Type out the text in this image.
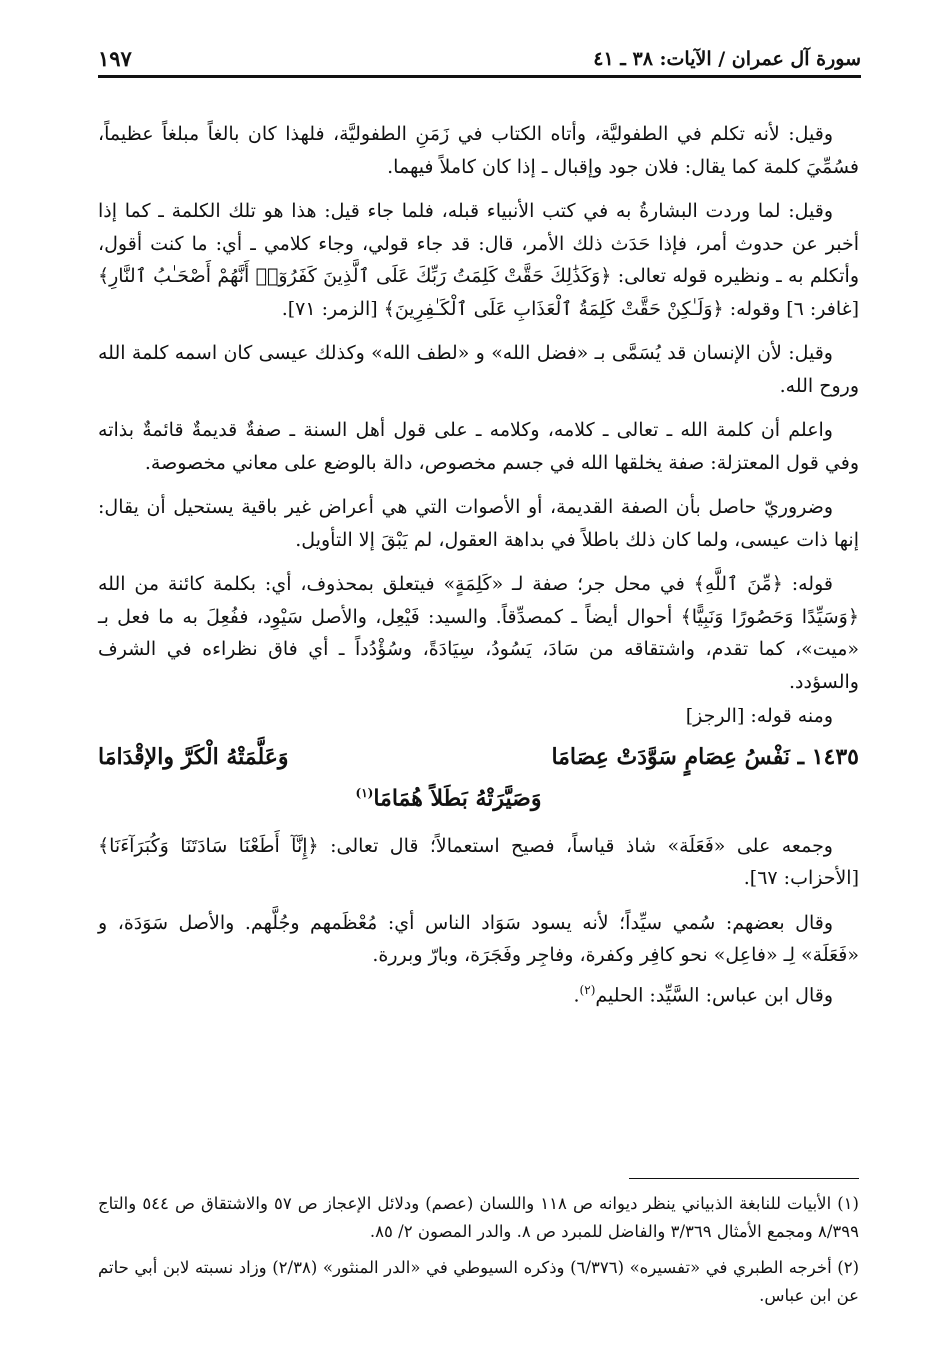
سورة آل عمران / الآيات: ٣٨ ـ ٤١
١٩٧

وقيل: لأنه تكلم في الطفوليَّة، وأتاه الكتاب في زَمَنِ الطفوليَّة، فلهذا كان بالغاً مبلغاً عظيماً، فسُمِّيَ كلمة كما يقال: فلان جود وإقبال ـ إذا كان كاملاً فيهما.

وقيل: لما وردت البشارةُ به في كتب الأنبياء قبله، فلما جاء قيل: هذا هو تلك الكلمة ـ كما إذا أخبر عن حدوث أمر، فإذا حَدَث ذلك الأمر، قال: قد جاء قولي، وجاء كلامي ـ أي: ما كنت أقول، وأتكلم به ـ ونظيره قوله تعالى: ﴿وَكَذَٰلِكَ حَقَّتْ كَلِمَتُ رَبِّكَ عَلَى ٱلَّذِينَ كَفَرُوٓا۟ أَنَّهُمْ أَصْحَـٰبُ ٱلنَّارِ﴾ [غافر: ٦] وقوله: ﴿وَلَـٰكِنْ حَقَّتْ كَلِمَةُ ٱلْعَذَابِ عَلَى ٱلْكَـٰفِرِينَ﴾ [الزمر: ٧١].

وقيل: لأن الإنسان قد يُسَمَّى بـ «فضل الله» و «لطف الله» وكذلك عيسى كان اسمه كلمة الله وروح الله.

واعلم أن كلمة الله ـ تعالى ـ كلامه، وكلامه ـ على قول أهل السنة ـ صفةٌ قديمةٌ قائمةٌ بذاته وفي قول المعتزلة: صفة يخلقها الله في جسم مخصوص، دالة بالوضع على معاني مخصوصة.

وضروريّ حاصل بأن الصفة القديمة، أو الأصوات التي هي أعراض غير باقية يستحيل أن يقال: إنها ذات عيسى، ولما كان ذلك باطلاً في بداهة العقول، لم يَبْقَ إلا التأويل.

قوله: ﴿مِّنَ ٱللَّهِ﴾ في محل جر؛ صفة لـ «كَلِمَةٍ» فيتعلق بمحذوف، أي: بكلمة كائنة من الله ﴿وَسَيِّدًا وَحَصُورًا وَنَبِيًّا﴾ أحوال أيضاً ـ كمصدِّقاً. والسيد: فَيْعِل، والأصل سَيْوِد، ففُعِلَ به ما فعل بـ «ميت»، كما تقدم، واشتقاقه من سَادَ، يَسُودُ، سِيَادَةً، وسُؤْدُداً ـ أي فاق نظراءه في الشرف والسؤدد.

ومنه قوله: [الرجز]

١٤٣٥ ـ نَفْسُ عِصَامٍ سَوَّدَتْ عِصَامَا
وَعَلَّمَتْهُ الْكَرَّ والإقْدَامَا
وَصَيَّرَتْهُ بَطَلاً هُمَامَا$^{(١)}$

وجمعه على «فَعَلَة» شاذ قياساً، فصيح استعمالاً؛ قال تعالى: ﴿إِنَّآ أَطَعْنَا سَادَتَنَا وَكُبَرَآءَنَا﴾ [الأحزاب: ٦٧].

وقال بعضهم: سُمي سيِّداً؛ لأنه يسود سَوَاد الناس أي: مُعْظَمهم وجُلَّهم. والأصل سَوَدَة، و «فَعَلَة» لِـ «فاعِل» نحو كافِر وكفرة، وفاجِر وفَجَرَة، وبارّ وبررة.

وقال ابن عباس: السَّيِّد: الحليم$^{(٢)}$.

(١) الأبيات للنابغة الذبياني ينظر ديوانه ص ١١٨ واللسان (عصم) ودلائل الإعجاز ص ٥٧ والاشتقاق ص ٥٤٤ والتاج ٨/٣٩٩ ومجمع الأمثال ٣/٣٦٩ والفاضل للمبرد ص ٨. والدر المصون ٢/ ٨٥.

(٢) أخرجه الطبري في «تفسيره» (٦/٣٧٦) وذكره السيوطي في «الدر المنثور» (٢/٣٨) وزاد نسبته لابن أبي حاتم عن ابن عباس.
